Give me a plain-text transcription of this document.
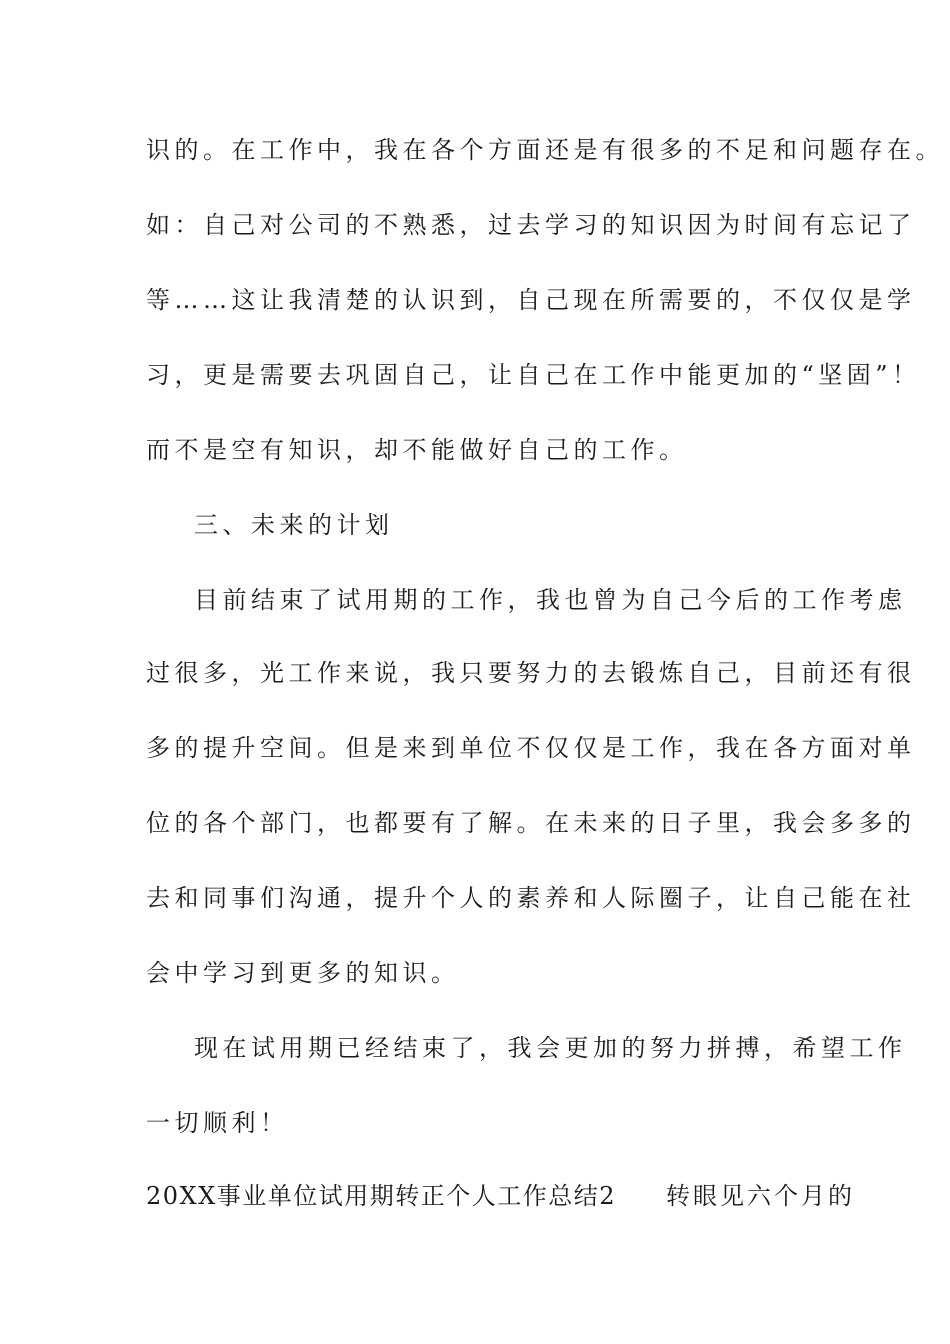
识的。在工作中，我在各个方面还是有很多的不足和问题存在。
如：自己对公司的不熟悉，过去学习的知识因为时间有忘记了
等……这让我清楚的认识到，自己现在所需要的，不仅仅是学
习，更是需要去巩固自己，让自己在工作中能更加的“坚固”！
而不是空有知识，却不能做好自己的工作。
三、未来的计划
目前结束了试用期的工作，我也曾为自己今后的工作考虑
过很多，光工作来说，我只要努力的去锻炼自己，目前还有很
多的提升空间。但是来到单位不仅仅是工作，我在各方面对单
位的各个部门，也都要有了解。在未来的日子里，我会多多的
去和同事们沟通，提升个人的素养和人际圈子，让自己能在社
会中学习到更多的知识。
现在试用期已经结束了，我会更加的努力拼搏，希望工作
一切顺利！
20XX事业单位试用期转正个人工作总结2 转眼见六个月的
